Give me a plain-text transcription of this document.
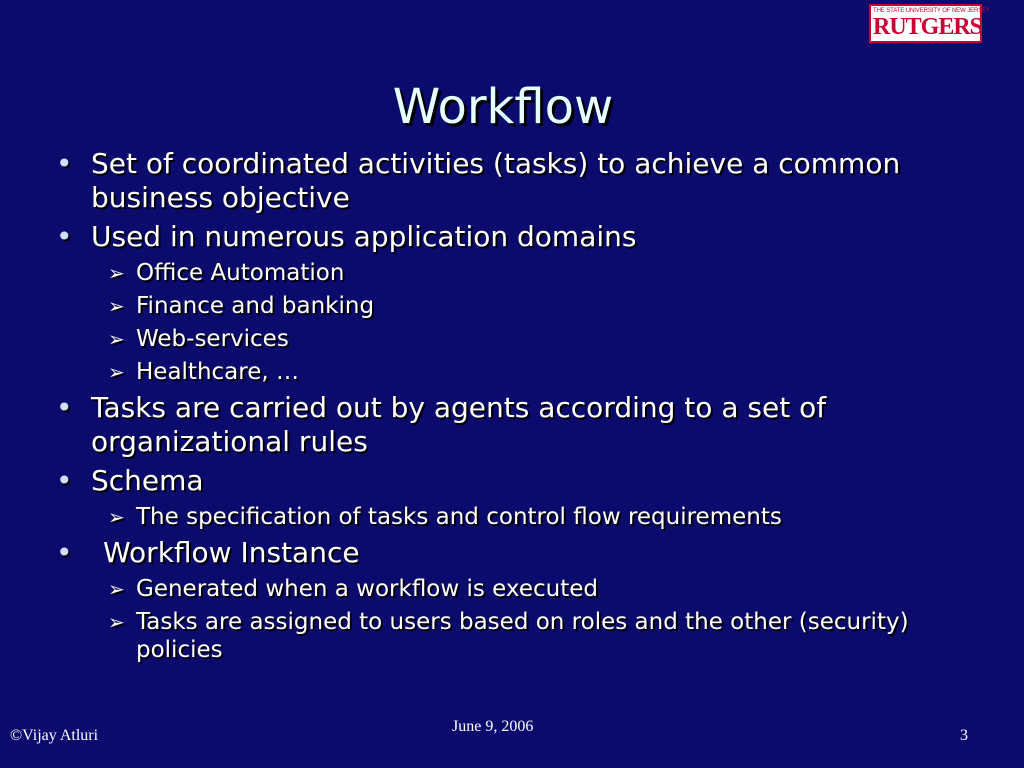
THE STATE UNIVERSITY OF NEW JERSEY
RUTGERS
Workflow
• Set of coordinated activities (tasks) to achieve a common business objective
• Used in numerous application domains
➢ Office Automation
➢ Finance and banking
➢ Web-services
➢ Healthcare, …
• Tasks are carried out by agents according to a set of organizational rules
• Schema
➢ The specification of tasks and control flow requirements
• Workflow Instance
➢ Generated when a workflow is executed
➢ Tasks are assigned to users based on roles and the other (security) policies
©Vijay Atluri
June 9, 2006
3
